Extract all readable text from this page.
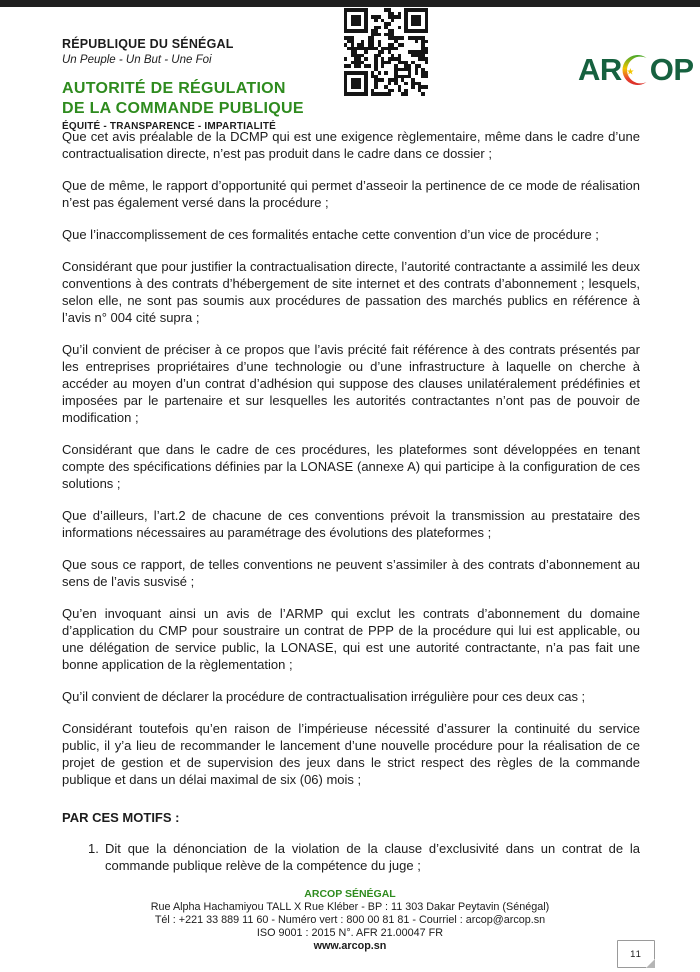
RÉPUBLIQUE DU SÉNÉGAL
Un Peuple - Un But - Une Foi
AUTORITÉ DE RÉGULATION
DE LA COMMANDE PUBLIQUE
ÉQUITÉ - TRANSPARENCE - IMPARTIALITÉ
AR ★ OP

Que cet avis préalable de la DCMP qui est une exigence règlementaire, même dans le cadre d’une contractualisation directe, n’est pas produit dans le cadre dans ce dossier ;

Que de même, le rapport d’opportunité qui permet d’asseoir la pertinence de ce mode de réalisation n’est pas également versé dans la procédure ;

Que l’inaccomplissement de ces formalités entache cette convention d’un vice de procédure ;

Considérant que pour justifier la contractualisation directe, l’autorité contractante a assimilé les deux conventions à des contrats d’hébergement de site internet et des contrats d’abonnement ; lesquels, selon elle, ne sont pas soumis aux procédures de passation des marchés publics en référence à l’avis n° 004 cité supra ;

Qu’il convient de préciser à ce propos que l’avis précité fait référence à des contrats présentés par les entreprises propriétaires d’une technologie ou d’une infrastructure à laquelle on cherche à accéder au moyen d’un contrat d’adhésion qui suppose des clauses unilatéralement prédéfinies et imposées par le partenaire et sur lesquelles les autorités contractantes n’ont pas de pouvoir de modification ;

Considérant que dans le cadre de ces procédures, les plateformes sont développées en tenant compte des spécifications définies par la LONASE (annexe A) qui participe à la configuration de ces solutions ;

Que d’ailleurs, l’art.2 de chacune de ces conventions prévoit la transmission au prestataire des informations nécessaires au paramétrage des évolutions des plateformes ;

Que sous ce rapport, de telles conventions ne peuvent s’assimiler à des contrats d’abonnement au sens de l’avis susvisé ;

Qu’en invoquant ainsi un avis de l’ARMP qui exclut les contrats d’abonnement du domaine d’application du CMP pour soustraire un contrat de PPP de la procédure qui lui est applicable, ou une délégation de service public, la LONASE, qui est une autorité contractante, n’a pas fait une bonne application de la règlementation ;

Qu’il convient de déclarer la procédure de contractualisation irrégulière pour ces deux cas ;

Considérant toutefois qu’en raison de l’impérieuse nécessité d’assurer la continuité du service public, il y’a lieu de recommander le lancement d’une nouvelle procédure pour la réalisation de ce projet de gestion et de supervision des jeux dans le strict respect des règles de la commande publique et dans un délai maximal de six (06) mois ;

PAR CES MOTIFS :
1. Dit que la dénonciation de la violation de la clause d’exclusivité dans un contrat de la commande publique relève de la compétence du juge ;
ARCOP SÉNÉGAL
Rue Alpha Hachamiyou TALL X Rue Kléber - BP : 11 303 Dakar Peytavin (Sénégal)
Tél : +221 33 889 11 60 - Numéro vert : 800 00 81 81 - Courriel : arcop@arcop.sn
ISO 9001 : 2015 N°. AFR 21.00047 FR
www.arcop.sn
11
